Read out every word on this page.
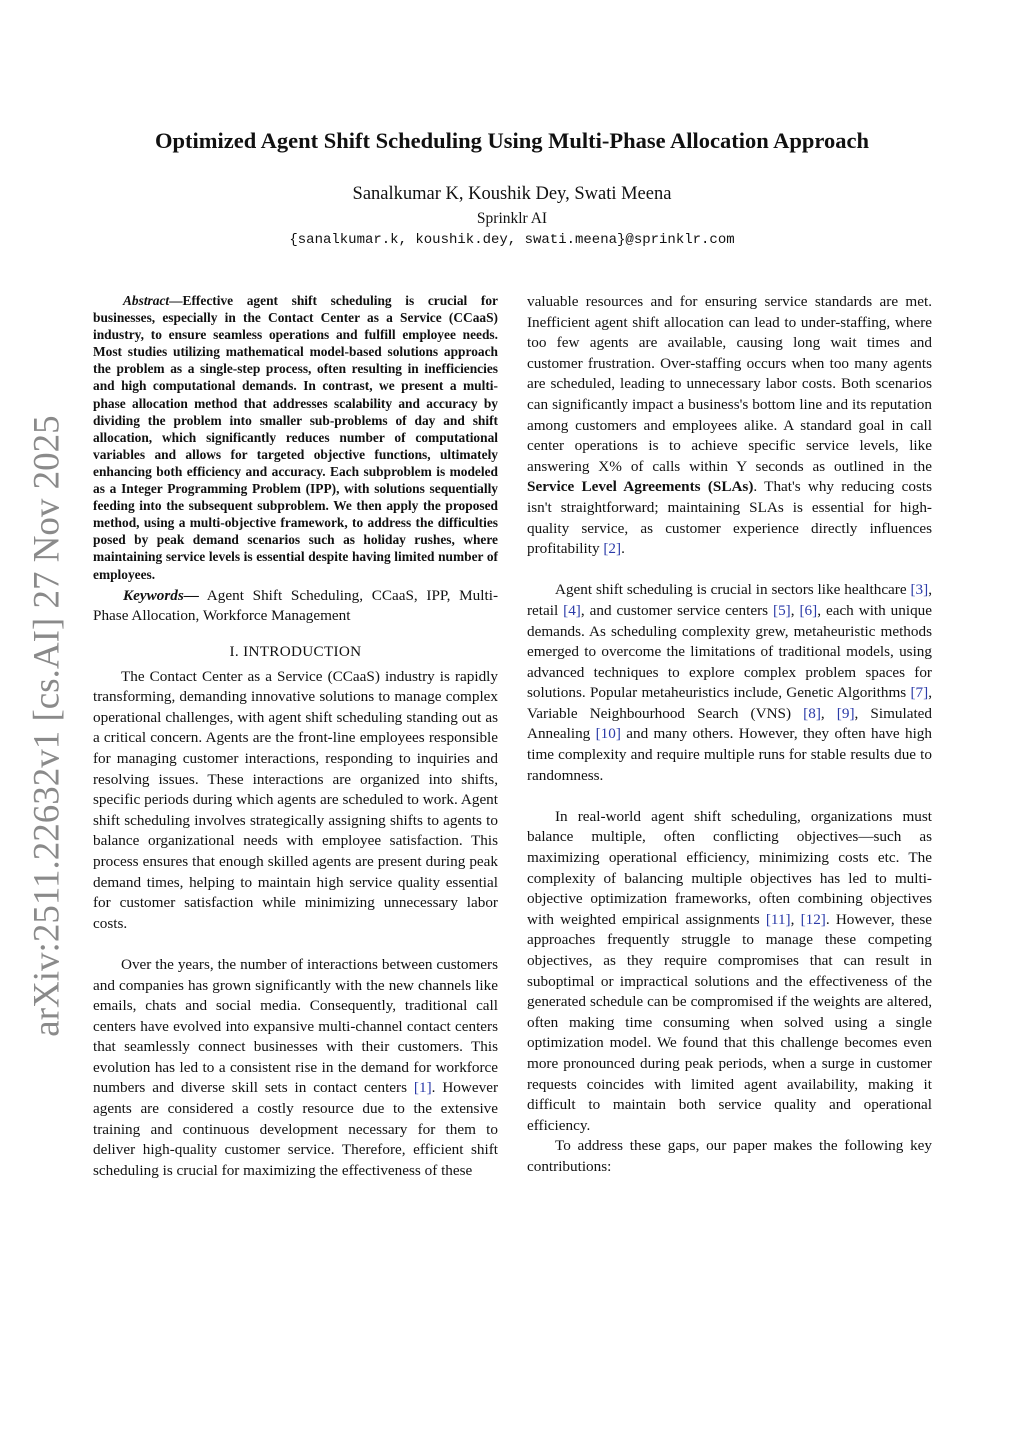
arXiv:2511.22632v1 [cs.AI] 27 Nov 2025
Optimized Agent Shift Scheduling Using Multi-Phase Allocation Approach
Sanalkumar K, Koushik Dey, Swati Meena
Sprinklr AI
{sanalkumar.k, koushik.dey, swati.meena}@sprinklr.com

Abstract—Effective agent shift scheduling is crucial for businesses, especially in the Contact Center as a Service (CCaaS) industry, to ensure seamless operations and fulfill employee needs. Most studies utilizing mathematical model-based solutions approach the problem as a single-step process, often resulting in inefficiencies and high computational demands. In contrast, we present a multi-phase allocation method that addresses scalability and accuracy by dividing the problem into smaller sub-problems of day and shift allocation, which significantly reduces number of computational variables and allows for targeted objective functions, ultimately enhancing both efficiency and accuracy. Each subproblem is modeled as a Integer Programming Problem (IPP), with solutions sequentially feeding into the subsequent subproblem. We then apply the proposed method, using a multi-objective framework, to address the difficulties posed by peak demand scenarios such as holiday rushes, where maintaining service levels is essential despite having limited number of employees.

Keywords— Agent Shift Scheduling, CCaaS, IPP, Multi-Phase Allocation, Workforce Management

I. INTRODUCTION

The Contact Center as a Service (CCaaS) industry is rapidly transforming, demanding innovative solutions to manage complex operational challenges, with agent shift scheduling standing out as a critical concern. Agents are the front-line employees responsible for managing customer interactions, responding to inquiries and resolving issues. These interactions are organized into shifts, specific periods during which agents are scheduled to work. Agent shift scheduling involves strategically assigning shifts to agents to balance organizational needs with employee satisfaction. This process ensures that enough skilled agents are present during peak demand times, helping to maintain high service quality essential for customer satisfaction while minimizing unnecessary labor costs.

Over the years, the number of interactions between customers and companies has grown significantly with the new channels like emails, chats and social media. Consequently, traditional call centers have evolved into expansive multi-channel contact centers that seamlessly connect businesses with their customers. This evolution has led to a consistent rise in the demand for workforce numbers and diverse skill sets in contact centers [1]. However agents are considered a costly resource due to the extensive training and continuous development necessary for them to deliver high-quality customer service. Therefore, efficient shift scheduling is crucial for maximizing the effectiveness of these

valuable resources and for ensuring service standards are met. Inefficient agent shift allocation can lead to under-staffing, where too few agents are available, causing long wait times and customer frustration. Over-staffing occurs when too many agents are scheduled, leading to unnecessary labor costs. Both scenarios can significantly impact a business's bottom line and its reputation among customers and employees alike. A standard goal in call center operations is to achieve specific service levels, like answering X% of calls within Y seconds as outlined in the Service Level Agreements (SLAs). That's why reducing costs isn't straightforward; maintaining SLAs is essential for high-quality service, as customer experience directly influences profitability [2].

Agent shift scheduling is crucial in sectors like healthcare [3], retail [4], and customer service centers [5], [6], each with unique demands. As scheduling complexity grew, metaheuristic methods emerged to overcome the limitations of traditional models, using advanced techniques to explore complex problem spaces for solutions. Popular metaheuristics include, Genetic Algorithms [7], Variable Neighbourhood Search (VNS) [8], [9], Simulated Annealing [10] and many others. However, they often have high time complexity and require multiple runs for stable results due to randomness.

In real-world agent shift scheduling, organizations must balance multiple, often conflicting objectives—such as maximizing operational efficiency, minimizing costs etc. The complexity of balancing multiple objectives has led to multi-objective optimization frameworks, often combining objectives with weighted empirical assignments [11], [12]. However, these approaches frequently struggle to manage these competing objectives, as they require compromises that can result in suboptimal or impractical solutions and the effectiveness of the generated schedule can be compromised if the weights are altered, often making time consuming when solved using a single optimization model. We found that this challenge becomes even more pronounced during peak periods, when a surge in customer requests coincides with limited agent availability, making it difficult to maintain both service quality and operational efficiency.

To address these gaps, our paper makes the following key contributions:
